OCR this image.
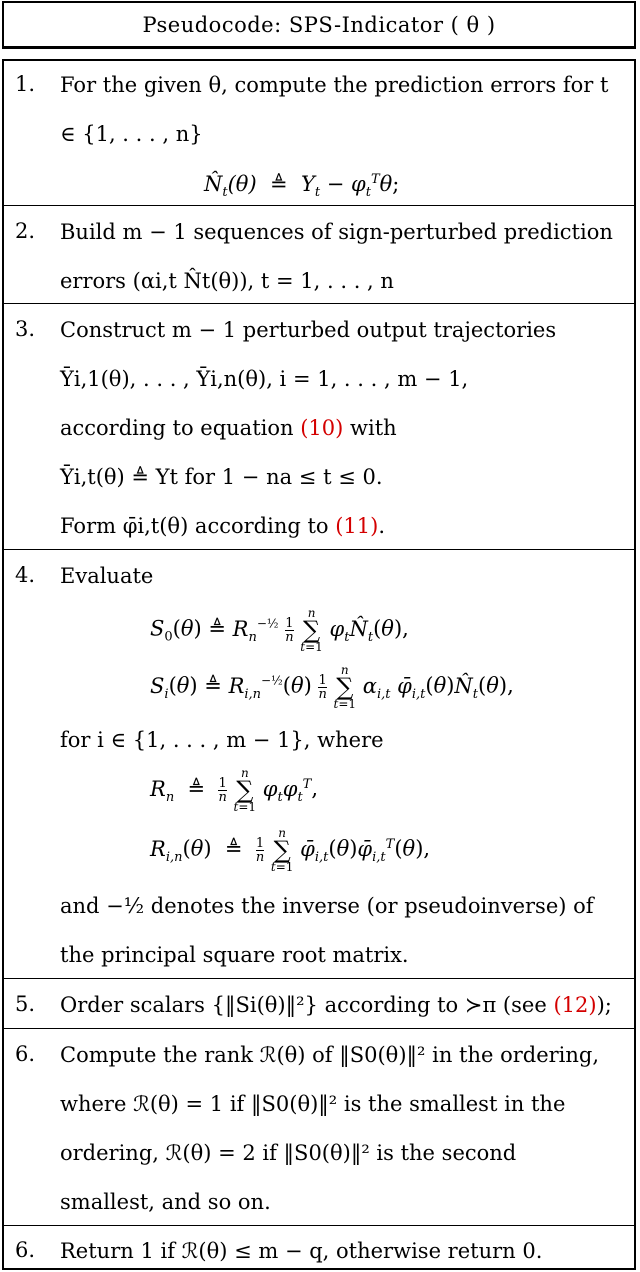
Pseudocode: SPS-Indicator ( θ )
1. For the given θ, compute the prediction errors for t ∈ {1, . . . , n}
$N̂_t(\theta)$  ≜  $Y_t - \varphi_t^T\theta$;
2. Build m − 1 sequences of sign-perturbed prediction errors (αi,t N̂t(θ)), t = 1, . . . , n
3. Construct m − 1 perturbed output trajectories
Ȳi,1(θ), . . . , Ȳi,n(θ), i = 1, . . . , m − 1,
according to equation (10) with
Ȳi,t(θ) ≜ Yt for 1 − na ≤ t ≤ 0.
Form φ̄i,t(θ) according to (11).
4. Evaluate
$S_0(\theta)$ ≜ $R_n^{-\frac{1}{2}} \frac{1}{n}$
n
∑
t=1 $\varphi_tN̂_t(\theta)$,
$S_i(\theta)$ ≜ $R_{i,n}^{-\frac{1}{2}}(\theta) \frac{1}{n}$
n
∑
t=1 $\alpha_{i,t}$ $\varphī_{i,t}(\theta)N̂_t(\theta)$,
for i ∈ {1, . . . , m − 1}, where
$R_n$  ≜ $\frac{1}{n}$
n
∑
t=1 $\varphi_t\varphi_t^T$,
$R_{i,n}(\theta)$  ≜ $\frac{1}{n}$
n
∑
t=1 $\varphī_{i,t}(\theta)\varphī_{i,t}^T(\theta)$,
and −½ denotes the inverse (or pseudoinverse) of
the principal square root matrix.
5. Order scalars {‖Si(θ)‖²} according to ≻π (see (12));
6. Compute the rank ℛ(θ) of ‖S0(θ)‖² in the ordering,
where ℛ(θ) = 1 if ‖S0(θ)‖² is the smallest in the
ordering, ℛ(θ) = 2 if ‖S0(θ)‖² is the second
smallest, and so on.
6. Return 1 if ℛ(θ) ≤ m − q, otherwise return 0.
